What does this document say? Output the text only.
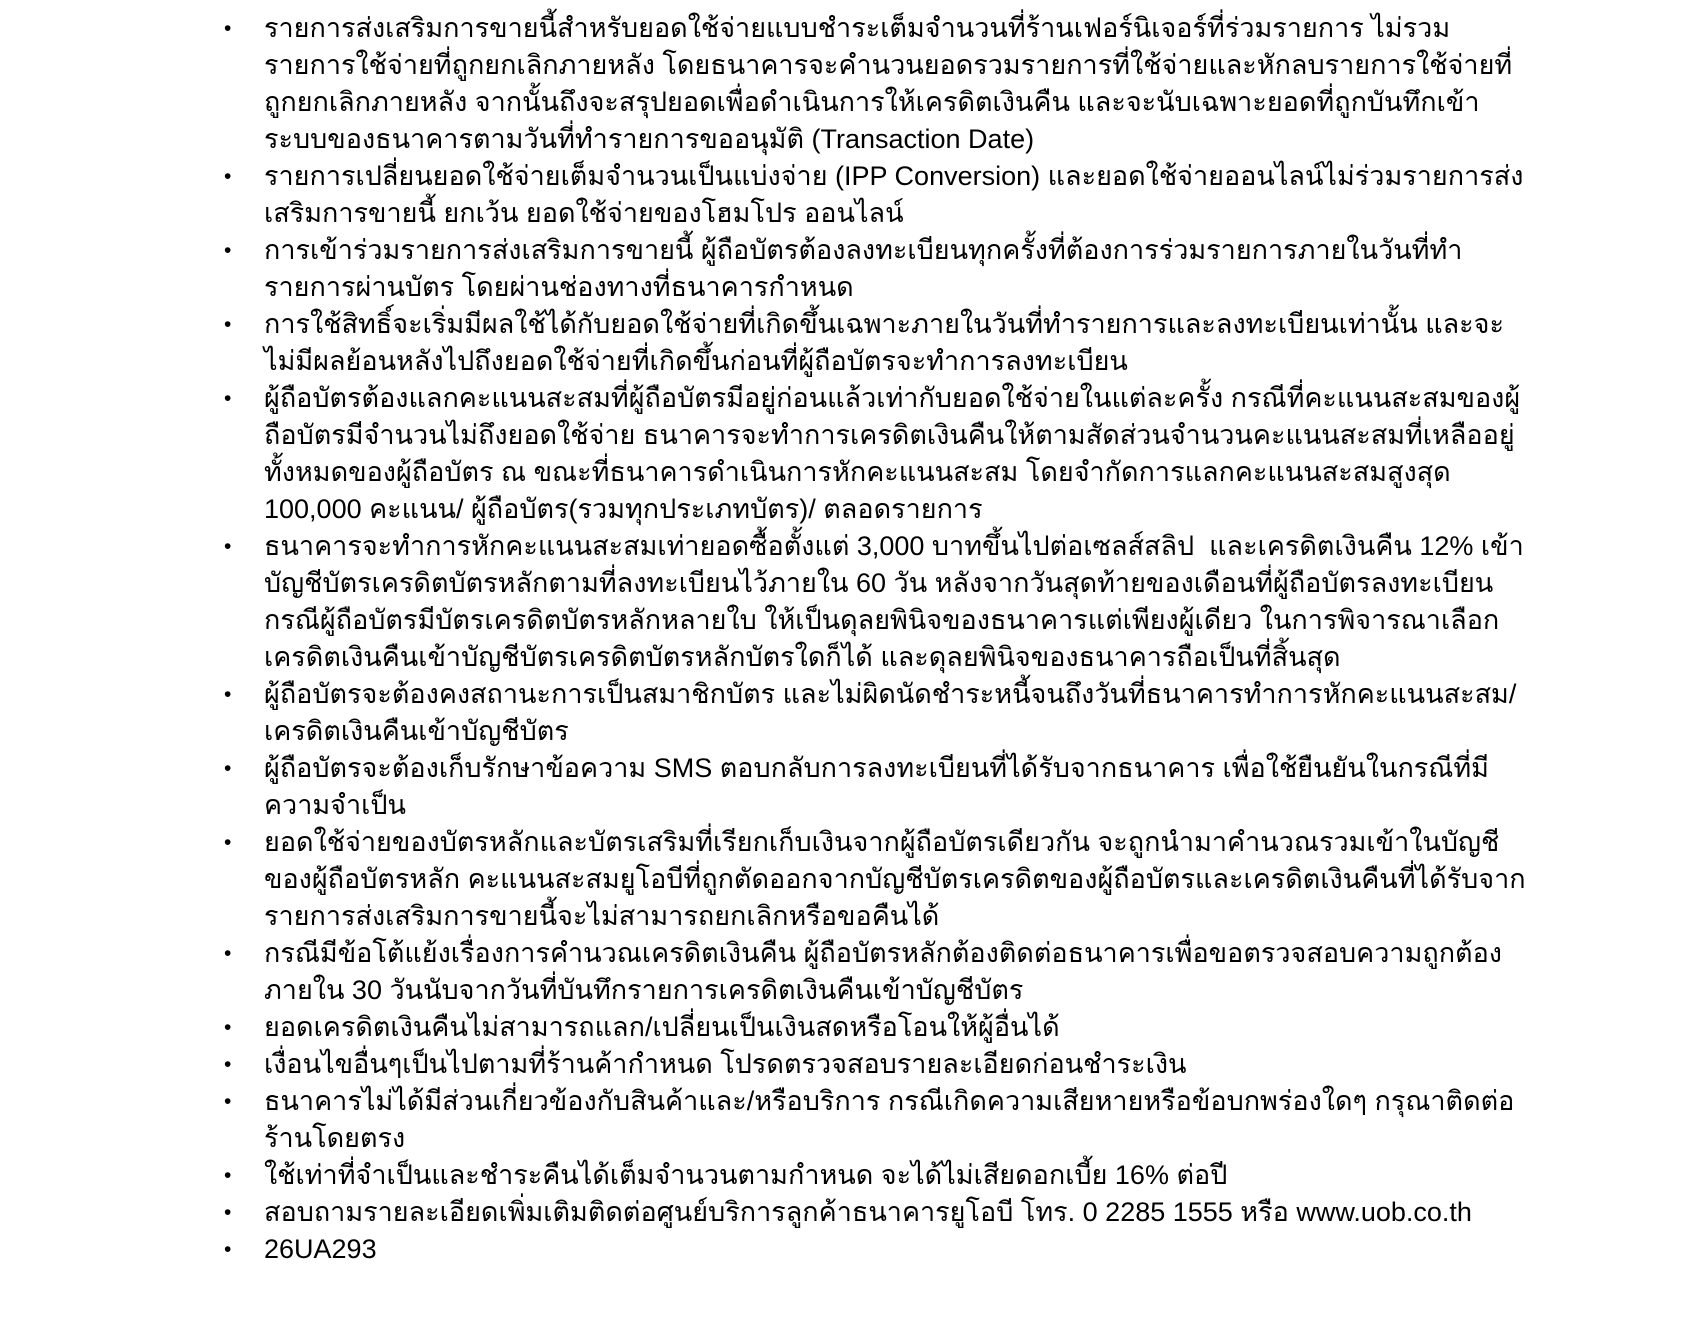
•	รายการส่งเสริมการขายนี้สำหรับยอดใช้จ่ายแบบชำระเต็มจำนวนที่ร้านเฟอร์นิเจอร์ที่ร่วมรายการ ไม่รวมรายการใช้จ่ายที่ถูกยกเลิกภายหลัง โดยธนาคารจะคำนวนยอดรวมรายการที่ใช้จ่ายและหักลบรายการใช้จ่ายที่ถูกยกเลิกภายหลัง จากนั้นถึงจะสรุปยอดเพื่อดำเนินการให้เครดิตเงินคืน และจะนับเฉพาะยอดที่ถูกบันทึกเข้าระบบของธนาคารตามวันที่ทำรายการขออนุมัติ (Transaction Date)
•	รายการเปลี่ยนยอดใช้จ่ายเต็มจำนวนเป็นแบ่งจ่าย (IPP Conversion) และยอดใช้จ่ายออนไลน์ไม่ร่วมรายการส่งเสริมการขายนี้ ยกเว้น ยอดใช้จ่ายของโฮมโปร ออนไลน์
•	การเข้าร่วมรายการส่งเสริมการขายนี้ ผู้ถือบัตรต้องลงทะเบียนทุกครั้งที่ต้องการร่วมรายการภายในวันที่ทำรายการผ่านบัตร โดยผ่านช่องทางที่ธนาคารกำหนด
•	การใช้สิทธิ์จะเริ่มมีผลใช้ได้กับยอดใช้จ่ายที่เกิดขึ้นเฉพาะภายในวันที่ทำรายการและลงทะเบียนเท่านั้น และจะไม่มีผลย้อนหลังไปถึงยอดใช้จ่ายที่เกิดขึ้นก่อนที่ผู้ถือบัตรจะทำการลงทะเบียน
•	ผู้ถือบัตรต้องแลกคะแนนสะสมที่ผู้ถือบัตรมีอยู่ก่อนแล้วเท่ากับยอดใช้จ่ายในแต่ละครั้ง กรณีที่คะแนนสะสมของผู้ถือบัตรมีจำนวนไม่ถึงยอดใช้จ่าย ธนาคารจะทำการเครดิตเงินคืนให้ตามสัดส่วนจำนวนคะแนนสะสมที่เหลืออยู่ทั้งหมดของผู้ถือบัตร ณ ขณะที่ธนาคารดำเนินการหักคะแนนสะสม โดยจำกัดการแลกคะแนนสะสมสูงสุด 100,000 คะแนน/ ผู้ถือบัตร(รวมทุกประเภทบัตร)/ ตลอดรายการ
•	ธนาคารจะทำการหักคะแนนสะสมเท่ายอดซื้อตั้งแต่ 3,000 บาทขึ้นไปต่อเซลส์สลิป  และเครดิตเงินคืน 12% เข้าบัญชีบัตรเครดิตบัตรหลักตามที่ลงทะเบียนไว้ภายใน 60 วัน หลังจากวันสุดท้ายของเดือนที่ผู้ถือบัตรลงทะเบียน กรณีผู้ถือบัตรมีบัตรเครดิตบัตรหลักหลายใบ ให้เป็นดุลยพินิจของธนาคารแต่เพียงผู้เดียว ในการพิจารณาเลือกเครดิตเงินคืนเข้าบัญชีบัตรเครดิตบัตรหลักบัตรใดก็ได้ และดุลยพินิจของธนาคารถือเป็นที่สิ้นสุด
•	ผู้ถือบัตรจะต้องคงสถานะการเป็นสมาชิกบัตร และไม่ผิดนัดชำระหนี้จนถึงวันที่ธนาคารทำการหักคะแนนสะสม/เครดิตเงินคืนเข้าบัญชีบัตร
•	ผู้ถือบัตรจะต้องเก็บรักษาข้อความ SMS ตอบกลับการลงทะเบียนที่ได้รับจากธนาคาร เพื่อใช้ยืนยันในกรณีที่มีความจำเป็น
•	ยอดใช้จ่ายของบัตรหลักและบัตรเสริมที่เรียกเก็บเงินจากผู้ถือบัตรเดียวกัน จะถูกนำมาคำนวณรวมเข้าในบัญชีของผู้ถือบัตรหลัก คะแนนสะสมยูโอบีที่ถูกตัดออกจากบัญชีบัตรเครดิตของผู้ถือบัตรและเครดิตเงินคืนที่ได้รับจากรายการส่งเสริมการขายนี้จะไม่สามารถยกเลิกหรือขอคืนได้
•	กรณีมีข้อโต้แย้งเรื่องการคำนวณเครดิตเงินคืน ผู้ถือบัตรหลักต้องติดต่อธนาคารเพื่อขอตรวจสอบความถูกต้องภายใน 30 วันนับจากวันที่บันทึกรายการเครดิตเงินคืนเข้าบัญชีบัตร
•	ยอดเครดิตเงินคืนไม่สามารถแลก/เปลี่ยนเป็นเงินสดหรือโอนให้ผู้อื่นได้
•	เงื่อนไขอื่นๆเป็นไปตามที่ร้านค้ากำหนด โปรดตรวจสอบรายละเอียดก่อนชำระเงิน
•	ธนาคารไม่ได้มีส่วนเกี่ยวข้องกับสินค้าและ/หรือบริการ กรณีเกิดความเสียหายหรือข้อบกพร่องใดๆ กรุณาติดต่อร้านโดยตรง
•	ใช้เท่าที่จำเป็นและชำระคืนได้เต็มจำนวนตามกำหนด จะได้ไม่เสียดอกเบี้ย 16% ต่อปี
•	สอบถามรายละเอียดเพิ่มเติมติดต่อศูนย์บริการลูกค้าธนาคารยูโอบี โทร. 0 2285 1555 หรือ www.uob.co.th
•	26UA293
